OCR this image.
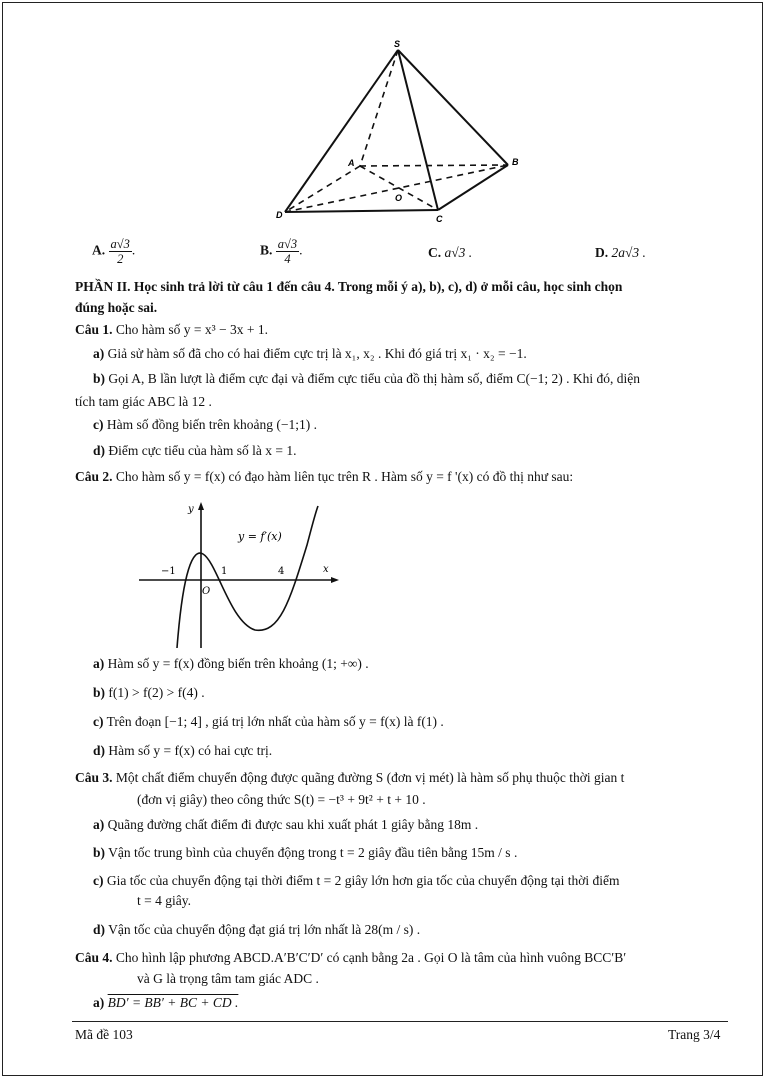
S
A	B
C
D
O
A. $\frac{a√3}{2}$ .	B. $\frac{a√3}{4}$ .	C. a√3 .	D. 2a√3 .
PHẦN II. Học sinh trả lời từ câu 1 đến câu 4. Trong mỗi ý a), b), c), d) ở mỗi câu, học sinh chọn
đúng hoặc sai.
Câu 1. Cho hàm số y = x³ − 3x + 1.
a) Giả sử hàm số đã cho có hai điểm cực trị là x₁, x₂ . Khi đó giá trị x₁ · x₂ = −1.
b) Gọi A, B lần lượt là điểm cực đại và điểm cực tiểu của đồ thị hàm số, điểm C(−1; 2) . Khi đó, diện
tích tam giác ABC là 12 .
c) Hàm số đồng biến trên khoảng (−1;1) .
d) Điểm cực tiểu của hàm số là x = 1.
Câu 2. Cho hàm số y = f(x) có đạo hàm liên tục trên R . Hàm số y = f '(x) có đồ thị như sau:
y
x
y = f′(x)
O
−1	1	4
a) Hàm số y = f(x) đồng biến trên khoảng (1; +∞) .
b) f(1) > f(2) > f(4) .
c) Trên đoạn [−1; 4] , giá trị lớn nhất của hàm số y = f(x) là f(1) .
d) Hàm số y = f(x) có hai cực trị.
Câu 3. Một chất điểm chuyển động được quãng đường S (đơn vị mét) là hàm số phụ thuộc thời gian t
(đơn vị giây) theo công thức S(t) = −t³ + 9t² + t + 10 .
a) Quãng đường chất điểm đi được sau khi xuất phát 1 giây bằng 18m .
b) Vận tốc trung bình của chuyển động trong t = 2 giây đầu tiên bằng 15m / s .
c) Gia tốc của chuyển động tại thời điểm t = 2 giây lớn hơn gia tốc của chuyển động tại thời điểm
t = 4 giây.
d) Vận tốc của chuyển động đạt giá trị lớn nhất là 28(m / s) .
Câu 4. Cho hình lập phương ABCD.A′B′C′D′ có cạnh bằng 2a . Gọi O là tâm của hình vuông BCC′B′
và G là trọng tâm tam giác ADC .
a) BD′ = BB′ + BC + CD .
Mã đề 103	Trang 3/4
